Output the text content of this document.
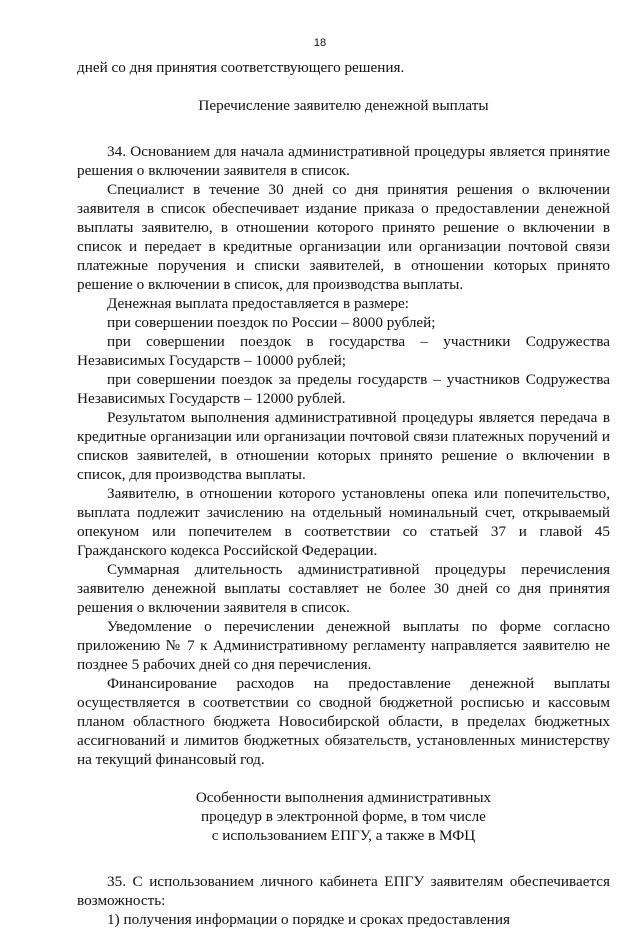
18

дней со дня принятия соответствующего решения.

Перечисление заявителю денежной выплаты

34. Основанием для начала административной процедуры является принятие решения о включении заявителя в список.

Специалист в течение 30 дней со дня принятия решения о включении заявителя в список обеспечивает издание приказа о предоставлении денежной выплаты заявителю, в отношении которого принято решение о включении в список и передает в кредитные организации или организации почтовой связи платежные поручения и списки заявителей, в отношении которых принято решение о включении в список, для производства выплаты.

Денежная выплата предоставляется в размере:

при совершении поездок по России – 8000 рублей;

при совершении поездок в государства – участники Содружества Независимых Государств – 10000 рублей;

при совершении поездок за пределы государств – участников Содружества Независимых Государств – 12000 рублей.

Результатом выполнения административной процедуры является передача в кредитные организации или организации почтовой связи платежных поручений и списков заявителей, в отношении которых принято решение о включении в список, для производства выплаты.

Заявителю, в отношении которого установлены опека или попечительство, выплата подлежит зачислению на отдельный номинальный счет, открываемый опекуном или попечителем в соответствии со статьей 37 и главой 45 Гражданского кодекса Российской Федерации.

Суммарная длительность административной процедуры перечисления заявителю денежной выплаты составляет не более 30 дней со дня принятия решения о включении заявителя в список.

Уведомление о перечислении денежной выплаты по форме согласно приложению № 7 к Административному регламенту направляется заявителю не позднее 5 рабочих дней со дня перечисления.

Финансирование расходов на предоставление денежной выплаты осуществляется в соответствии со сводной бюджетной росписью и кассовым планом областного бюджета Новосибирской области, в пределах бюджетных ассигнований и лимитов бюджетных обязательств, установленных министерству на текущий финансовый год.

Особенности выполнения административных
процедур в электронной форме, в том числе
с использованием ЕПГУ, а также в МФЦ

35. С использованием личного кабинета ЕПГУ заявителям обеспечивается возможность:

1) получения информации о порядке и сроках предоставления
